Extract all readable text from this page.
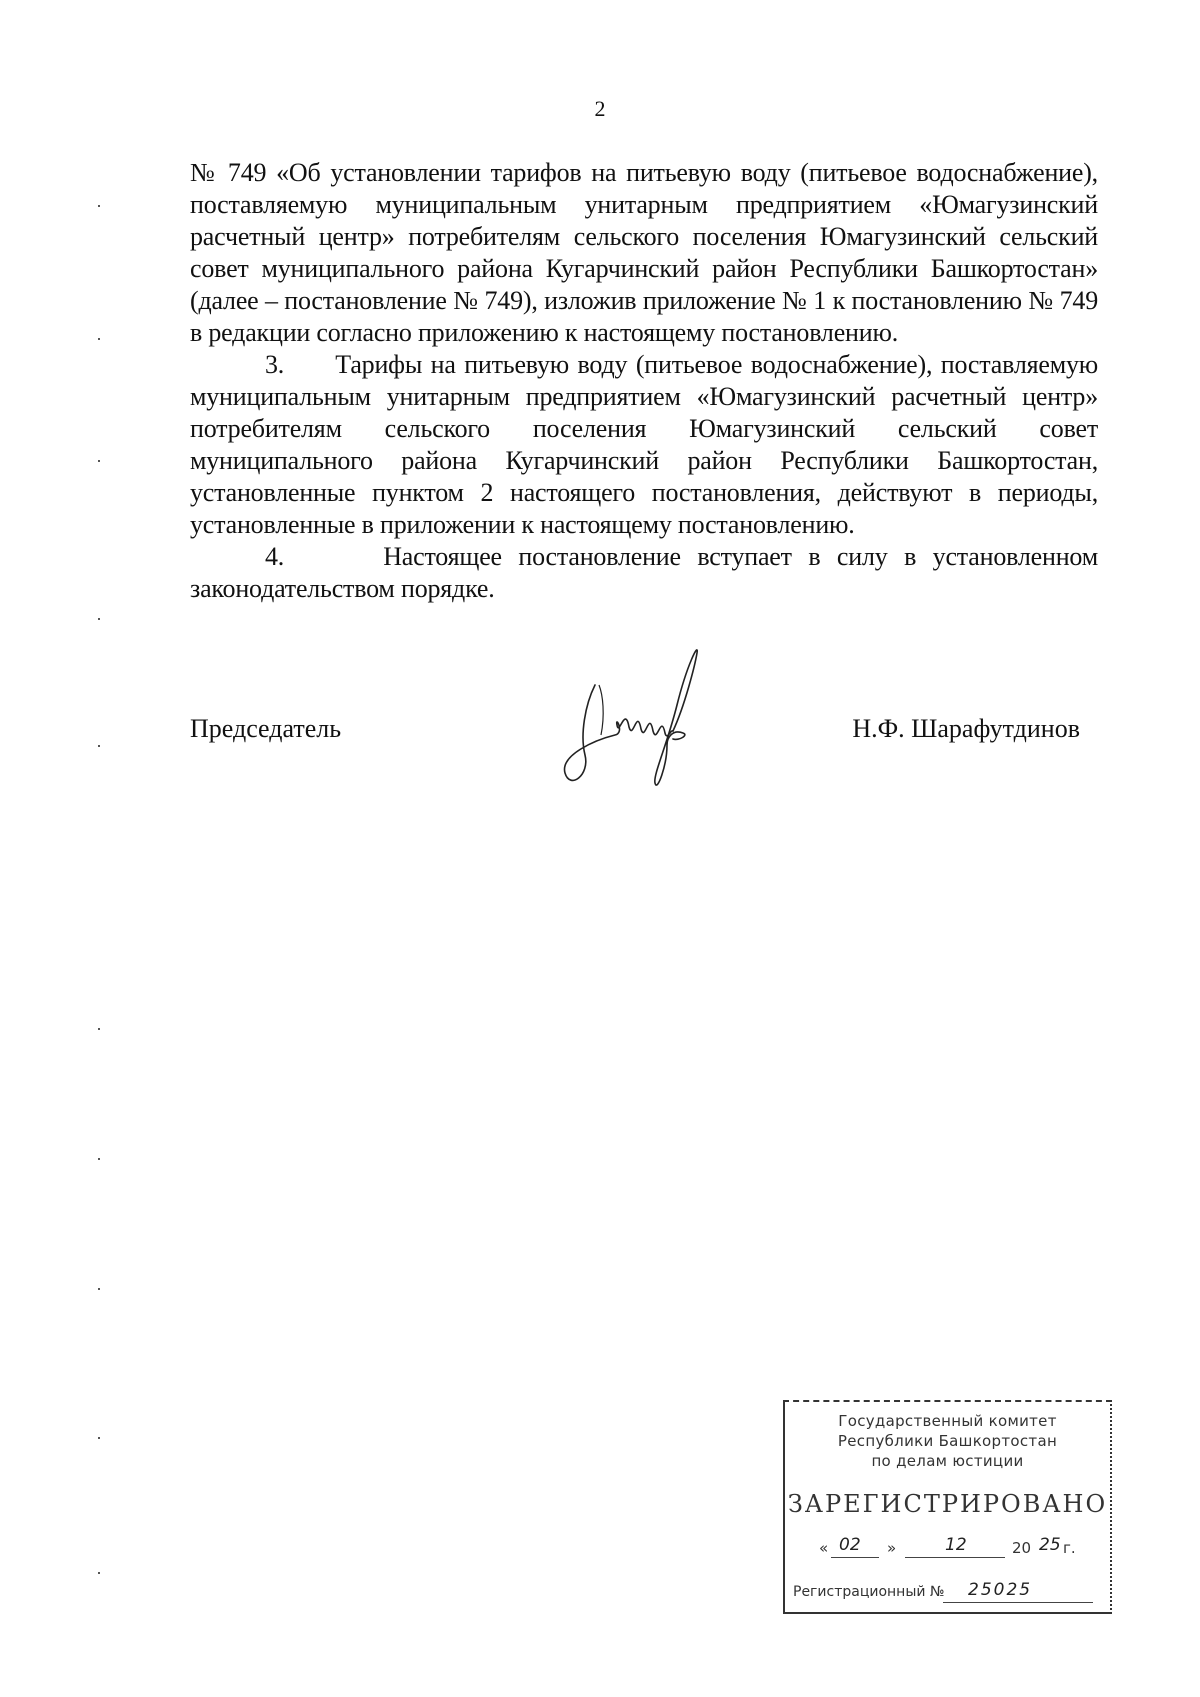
2

№ 749 «Об установлении тарифов на питьевую воду (питьевое водоснабжение), поставляемую муниципальным унитарным предприятием «Юмагузинский расчетный центр» потребителям сельского поселения Юмагузинский сельский совет муниципального района Кугарчинский район Республики Башкортостан» (далее – постановление № 749), изложив приложение № 1 к постановлению № 749 в редакции согласно приложению к настоящему постановлению.

3. Тарифы на питьевую воду (питьевое водоснабжение), поставляемую муниципальным унитарным предприятием «Юмагузинский расчетный центр» потребителям сельского поселения Юмагузинский сельский совет муниципального района Кугарчинский район Республики Башкортостан, установленные пунктом 2 настоящего постановления, действуют в периоды, установленные в приложении к настоящему постановлению.

4.	Настоящее постановление вступает в силу в установленном законодательством порядке.

Председатель	Н.Ф. Шарафутдинов
Государственный комитет
Республики Башкортостан
по делам юстиции
ЗАРЕГИСТРИРОВАНО
« 02 »	12	20 25 г.
Регистрационный № 25025
